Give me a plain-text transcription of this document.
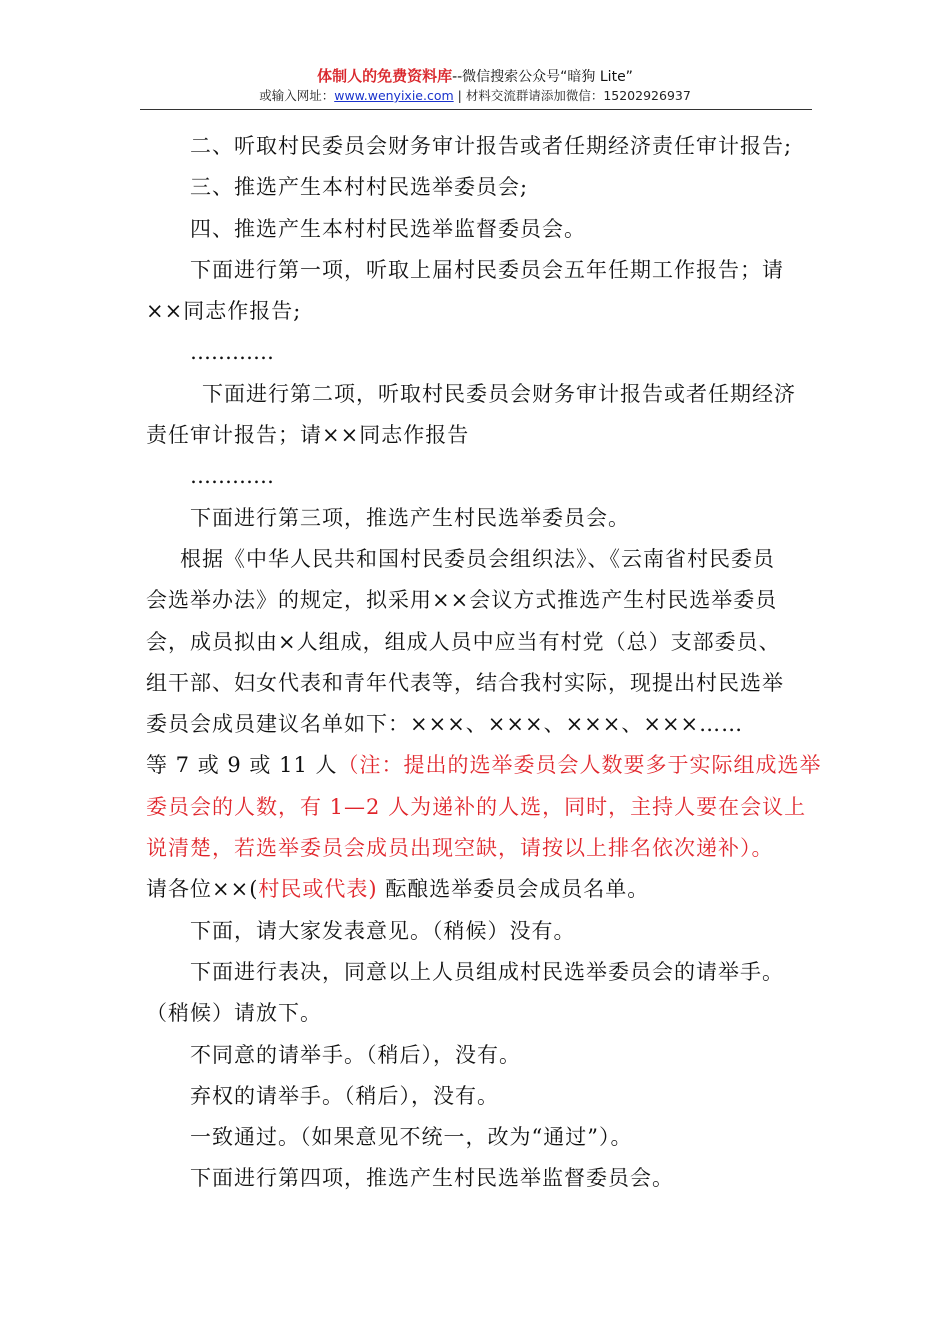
体制人的免费资料库--微信搜索公众号“暗狗 Lite”
或输入网址：www.wenyixie.com | 材料交流群请添加微信：15202926937

二、听取村民委员会财务审计报告或者任期经济责任审计报告;

三、推选产生本村村民选举委员会;

四、推选产生本村村民选举监督委员会。

下面进行第一项，听取上届村民委员会五年任期工作报告；请

××同志作报告;

…………

下面进行第二项，听取村民委员会财务审计报告或者任期经济

责任审计报告；请××同志作报告

…………

下面进行第三项，推选产生村民选举委员会。

根据《中华人民共和国村民委员会组织法》、《云南省村民委员

会选举办法》的规定，拟采用××会议方式推选产生村民选举委员

会，成员拟由×人组成，组成人员中应当有村党（总）支部委员、

组干部、妇女代表和青年代表等，结合我村实际，现提出村民选举

委员会成员建议名单如下：×××、×××、×××、×××……

等 7 或 9 或 11 人（注：提出的选举委员会人数要多于实际组成选举

委员会的人数，有 1—2 人为递补的人选，同时，主持人要在会议上

说清楚，若选举委员会成员出现空缺，请按以上排名依次递补）。

请各位××(村民或代表) 酝酿选举委员会成员名单。

下面，请大家发表意见。（稍候）没有。

下面进行表决，同意以上人员组成村民选举委员会的请举手。

（稍候）请放下。

不同意的请举手。（稍后），没有。

弃权的请举手。（稍后），没有。

一致通过。（如果意见不统一，改为“通过”）。

下面进行第四项，推选产生村民选举监督委员会。
